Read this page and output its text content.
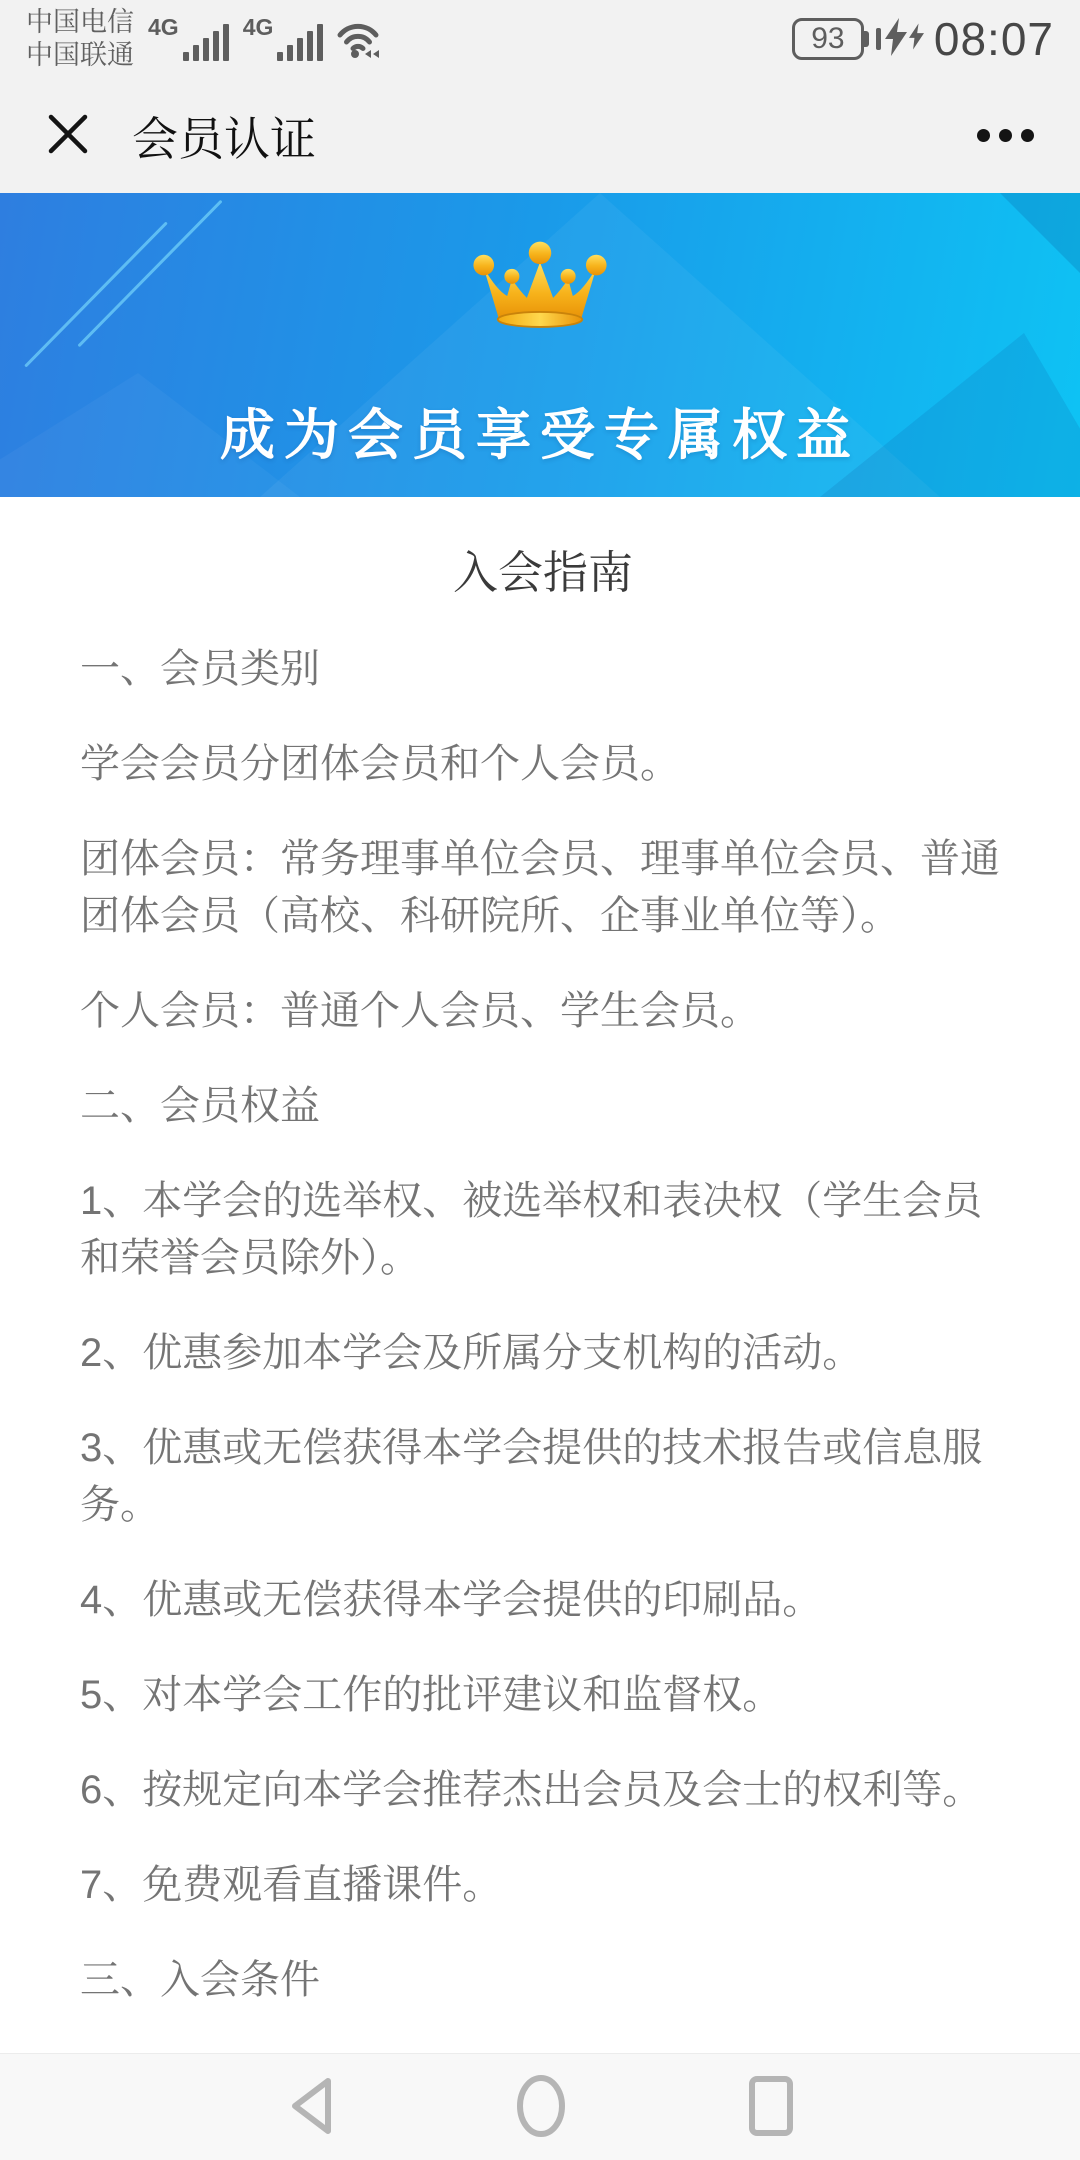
中国电信
中国联通
4G	4G	93 08:07
会员认证
成为会员享受专属权益
入会指南

一、会员类别

学会会员分团体会员和个人会员。

团体会员：常务理事单位会员、理事单位会员、普通团体会员（高校、科研院所、企事业单位等）。

个人会员：普通个人会员、学生会员。

二、会员权益

1、本学会的选举权、被选举权和表决权（学生会员和荣誉会员除外）。

2、优惠参加本学会及所属分支机构的活动。

3、优惠或无偿获得本学会提供的技术报告或信息服务。

4、优惠或无偿获得本学会提供的印刷品。

5、对本学会工作的批评建议和监督权。

6、按规定向本学会推荐杰出会员及会士的权利等。

7、免费观看直播课件。

三、入会条件
